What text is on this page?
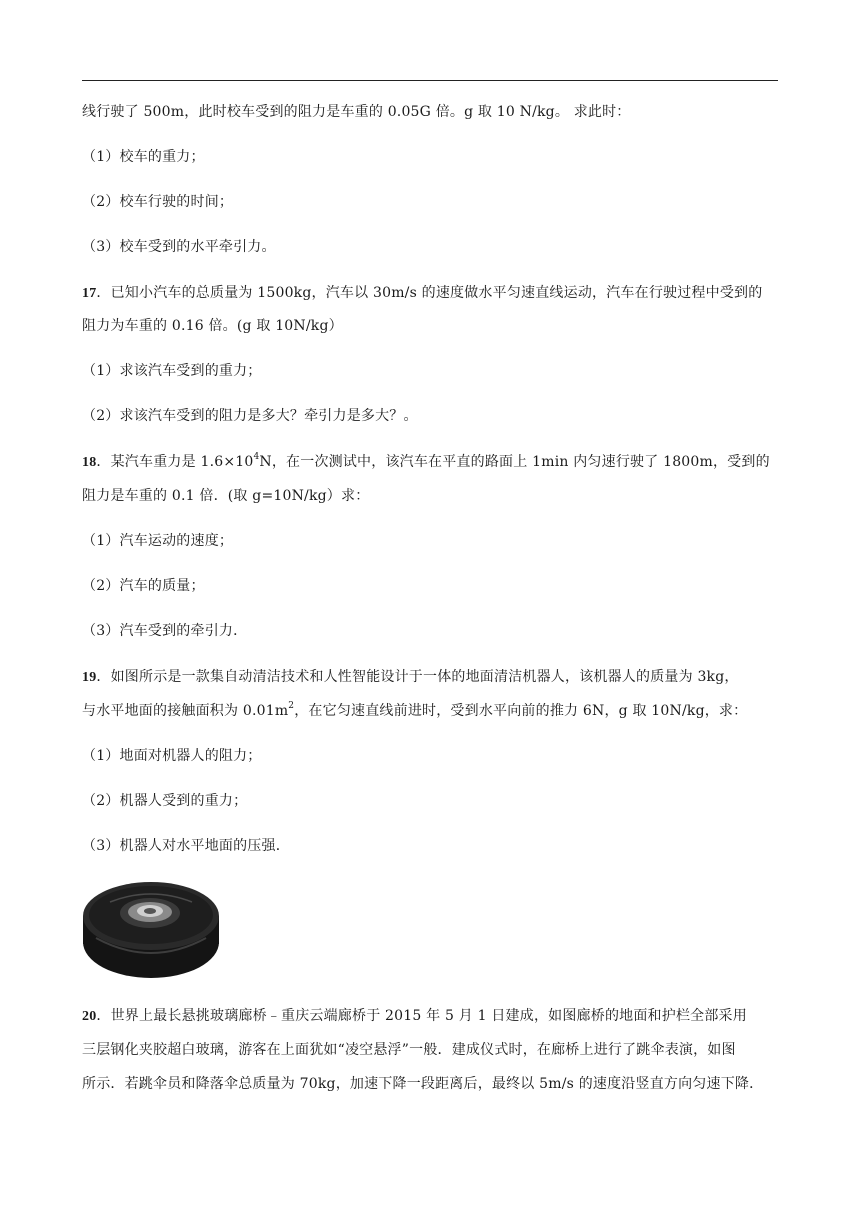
线行驶了 500m，此时校车受到的阻力是车重的 0.05G 倍。g 取 10 N/kg。 求此时：
（1）校车的重力；
（2）校车行驶的时间；
（3）校车受到的水平牵引力。
17．已知小汽车的总质量为 1500kg，汽车以 30m/s 的速度做水平匀速直线运动，汽车在行驶过程中受到的
阻力为车重的 0.16 倍。(g 取 10N/kg）
（1）求该汽车受到的重力；
（2）求该汽车受到的阻力是多大？牵引力是多大？。
18．某汽车重力是 $1.6\times 10^4N$，在一次测试中，该汽车在平直的路面上 1min 内匀速行驶了 1800m，受到的
阻力是车重的 0.1 倍．(取 g=10N/kg）求：
（1）汽车运动的速度；
（2）汽车的质量；
（3）汽车受到的牵引力．
19．如图所示是一款集自动清洁技术和人性智能设计于一体的地面清洁机器人，该机器人的质量为 3kg，
与水平地面的接触面积为 $0.01m^2$，在它匀速直线前进时，受到水平向前的推力 6N，g 取 10N/kg，求：
（1）地面对机器人的阻力；
（2）机器人受到的重力；
（3）机器人对水平地面的压强．
20．世界上最长悬挑玻璃廊桥﹣重庆云端廊桥于 2015 年 5 月 1 日建成，如图廊桥的地面和护栏全部采用
三层钢化夹胶超白玻璃，游客在上面犹如“凌空悬浮”一般．建成仪式时，在廊桥上进行了跳伞表演，如图
所示．若跳伞员和降落伞总质量为 70kg，加速下降一段距离后，最终以 5m/s 的速度沿竖直方向匀速下降．
